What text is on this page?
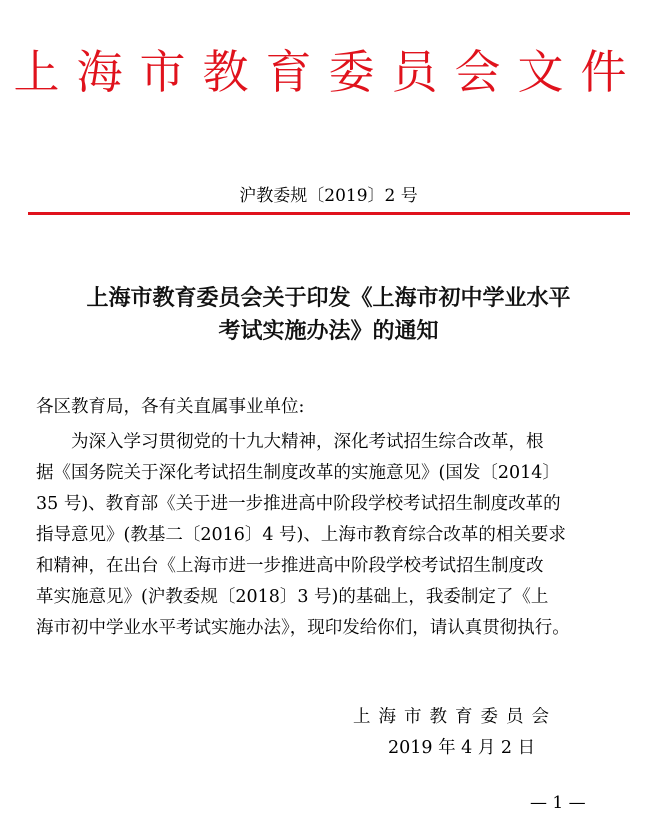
上海市教育委员会文件
沪教委规〔2019〕2 号
上海市教育委员会关于印发《上海市初中学业水平
考试实施办法》的通知
各区教育局，各有关直属事业单位:
为深入学习贯彻党的十九大精神，深化考试招生综合改革，根
据《国务院关于深化考试招生制度改革的实施意见》(国发〔2014〕
35 号)、教育部《关于进一步推进高中阶段学校考试招生制度改革的
指导意见》(教基二〔2016〕4 号)、上海市教育综合改革的相关要求
和精神，在出台《上海市进一步推进高中阶段学校考试招生制度改
革实施意见》(沪教委规〔2018〕3 号)的基础上，我委制定了《上
海市初中学业水平考试实施办法》，现印发给你们，请认真贯彻执行。
上海市教育委员会
2019 年 4 月 2 日
— 1 —
